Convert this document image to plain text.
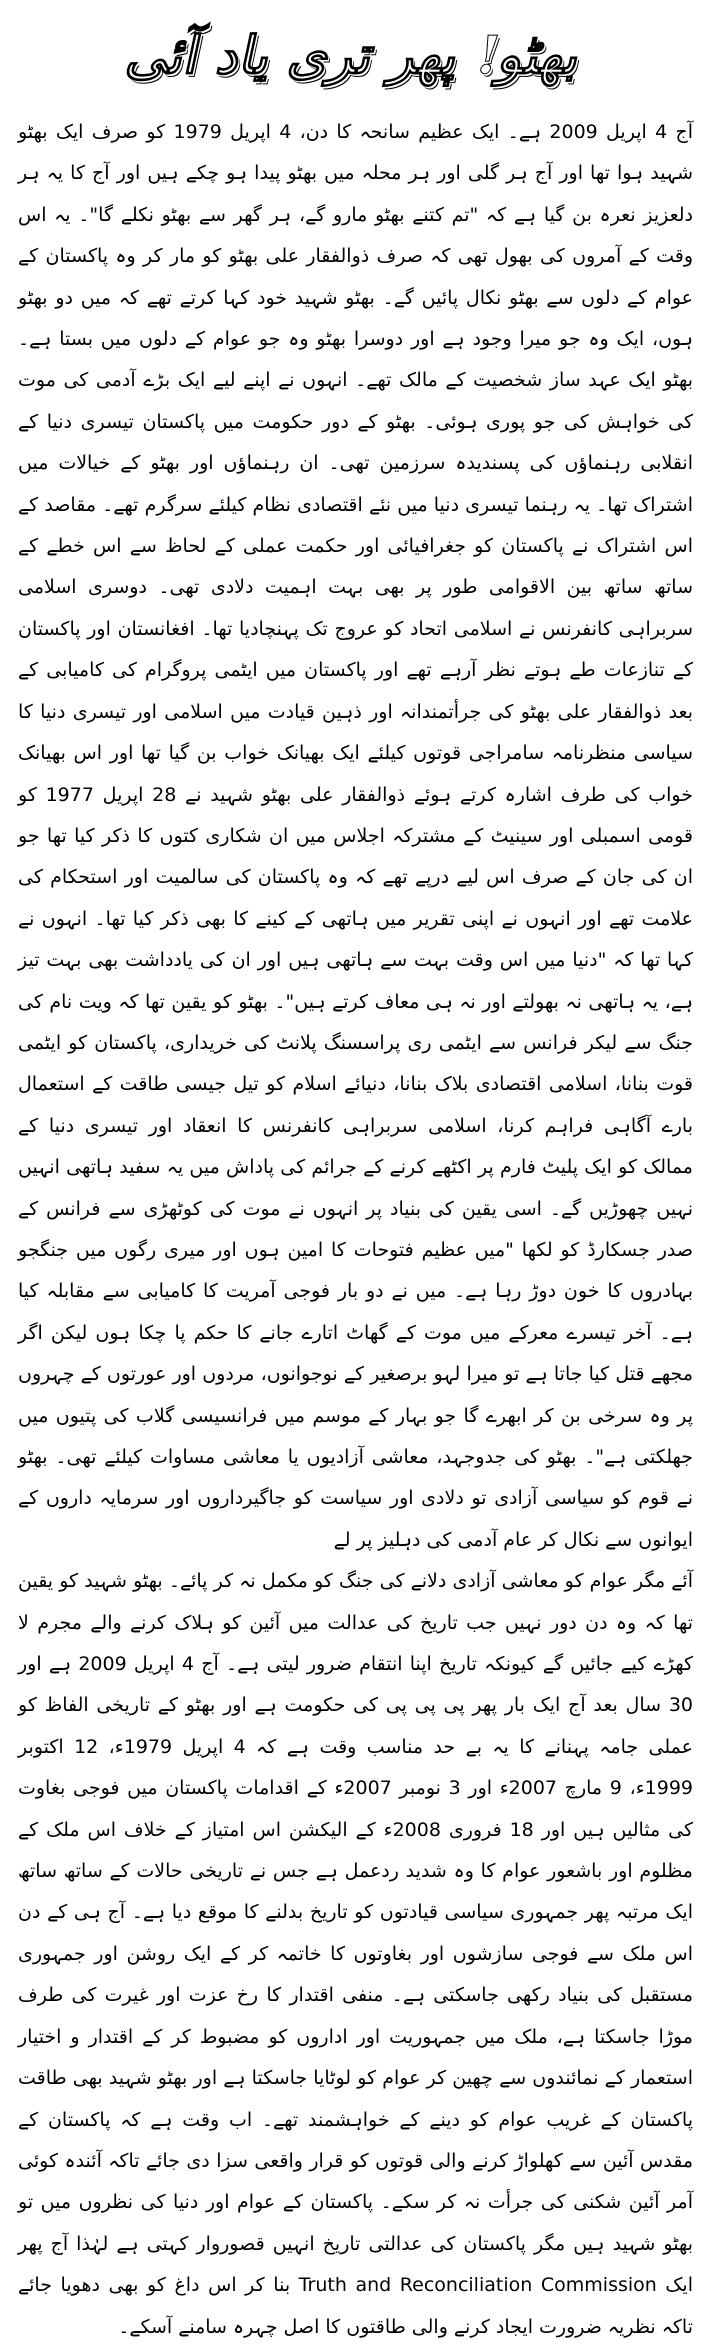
بھٹو! پھر تری یاد آئی

آج 4 اپریل 2009 ہے۔ ایک عظیم سانحہ کا دن، 4 اپریل 1979 کو صرف ایک بھٹو شہید ہوا تھا اور آج ہر گلی اور ہر محلہ میں بھٹو پیدا ہو چکے ہیں اور آج کا یہ ہر دلعزیز نعرہ بن گیا ہے کہ "تم کتنے بھٹو مارو گے، ہر گھر سے بھٹو نکلے گا"۔ یہ اس وقت کے آمروں کی بھول تھی کہ صرف ذوالفقار علی بھٹو کو مار کر وہ پاکستان کے عوام کے دلوں سے بھٹو نکال پائیں گے۔ بھٹو شہید خود کہا کرتے تھے کہ میں دو بھٹو ہوں، ایک وہ جو میرا وجود ہے اور دوسرا بھٹو وہ جو عوام کے دلوں میں بستا ہے۔ بھٹو ایک عہد ساز شخصیت کے مالک تھے۔ انہوں نے اپنے لیے ایک بڑے آدمی کی موت کی خواہش کی جو پوری ہوئی۔ بھٹو کے دور حکومت میں پاکستان تیسری دنیا کے انقلابی رہنماؤں کی پسندیدہ سرزمین تھی۔ ان رہنماؤں اور بھٹو کے خیالات میں اشتراک تھا۔ یہ رہنما تیسری دنیا میں نئے اقتصادی نظام کیلئے سرگرم تھے۔ مقاصد کے اس اشتراک نے پاکستان کو جغرافیائی اور حکمت عملی کے لحاظ سے اس خطے کے ساتھ ساتھ بین الاقوامی طور پر بھی بہت اہمیت دلادی تھی۔ دوسری اسلامی سربراہی کانفرنس نے اسلامی اتحاد کو عروج تک پہنچادیا تھا۔ افغانستان اور پاکستان کے تنازعات طے ہوتے نظر آرہے تھے اور پاکستان میں ایٹمی پروگرام کی کامیابی کے بعد ذوالفقار علی بھٹو کی جرأتمندانہ اور ذہین قیادت میں اسلامی اور تیسری دنیا کا سیاسی منظرنامہ سامراجی قوتوں کیلئے ایک بھیانک خواب بن گیا تھا اور اس بھیانک خواب کی طرف اشارہ کرتے ہوئے ذوالفقار علی بھٹو شہید نے 28 اپریل 1977 کو قومی اسمبلی اور سینیٹ کے مشترکہ اجلاس میں ان شکاری کتوں کا ذکر کیا تھا جو ان کی جان کے صرف اس لیے درپے تھے کہ وہ پاکستان کی سالمیت اور استحکام کی علامت تھے اور انہوں نے اپنی تقریر میں ہاتھی کے کینے کا بھی ذکر کیا تھا۔ انہوں نے کہا تھا کہ "دنیا میں اس وقت بہت سے ہاتھی ہیں اور ان کی یادداشت بھی بہت تیز ہے، یہ ہاتھی نہ بھولتے اور نہ ہی معاف کرتے ہیں"۔ بھٹو کو یقین تھا کہ ویت نام کی جنگ سے لیکر فرانس سے ایٹمی ری پراسسنگ پلانٹ کی خریداری، پاکستان کو ایٹمی قوت بنانا، اسلامی اقتصادی بلاک بنانا، دنیائے اسلام کو تیل جیسی طاقت کے استعمال بارے آگاہی فراہم کرنا، اسلامی سربراہی کانفرنس کا انعقاد اور تیسری دنیا کے ممالک کو ایک پلیٹ فارم پر اکٹھے کرنے کے جرائم کی پاداش میں یہ سفید ہاتھی انہیں نہیں چھوڑیں گے۔ اسی یقین کی بنیاد پر انہوں نے موت کی کوٹھڑی سے فرانس کے صدر جسکارڈ کو لکھا "میں عظیم فتوحات کا امین ہوں اور میری رگوں میں جنگجو بہادروں کا خون دوڑ رہا ہے۔ میں نے دو بار فوجی آمریت کا کامیابی سے مقابلہ کیا ہے۔ آخر تیسرے معرکے میں موت کے گھاٹ اتارے جانے کا حکم پا چکا ہوں لیکن اگر مجھے قتل کیا جاتا ہے تو میرا لہو برصغیر کے نوجوانوں، مردوں اور عورتوں کے چہروں پر وہ سرخی بن کر ابھرے گا جو بہار کے موسم میں فرانسیسی گلاب کی پتیوں میں جھلکتی ہے"۔ بھٹو کی جدوجہد، معاشی آزادیوں یا معاشی مساوات کیلئے تھی۔ بھٹو نے قوم کو سیاسی آزادی تو دلادی اور سیاست کو جاگیرداروں اور سرمایہ داروں کے ایوانوں سے نکال کر عام آدمی کی دہلیز پر لے

آئے مگر عوام کو معاشی آزادی دلانے کی جنگ کو مکمل نہ کر پائے۔ بھٹو شہید کو یقین تھا کہ وہ دن دور نہیں جب تاریخ کی عدالت میں آئین کو ہلاک کرنے والے مجرم لا کھڑے کیے جائیں گے کیونکہ تاریخ اپنا انتقام ضرور لیتی ہے۔ آج 4 اپریل 2009 ہے اور 30 سال بعد آج ایک بار پھر پی پی پی کی حکومت ہے اور بھٹو کے تاریخی الفاظ کو عملی جامہ پہنانے کا یہ بے حد مناسب وقت ہے کہ 4 اپریل 1979ء، 12 اکتوبر 1999ء، 9 مارچ 2007ء اور 3 نومبر 2007ء کے اقدامات پاکستان میں فوجی بغاوت کی مثالیں ہیں اور 18 فروری 2008ء کے الیکشن اس امتیاز کے خلاف اس ملک کے مظلوم اور باشعور عوام کا وہ شدید ردعمل ہے جس نے تاریخی حالات کے ساتھ ساتھ ایک مرتبہ پھر جمہوری سیاسی قیادتوں کو تاریخ بدلنے کا موقع دیا ہے۔ آج ہی کے دن اس ملک سے فوجی سازشوں اور بغاوتوں کا خاتمہ کر کے ایک روشن اور جمہوری مستقبل کی بنیاد رکھی جاسکتی ہے۔ منفی اقتدار کا رخ عزت اور غیرت کی طرف موڑا جاسکتا ہے، ملک میں جمہوریت اور اداروں کو مضبوط کر کے اقتدار و اختیار استعمار کے نمائندوں سے چھین کر عوام کو لوٹایا جاسکتا ہے اور بھٹو شہید بھی طاقت پاکستان کے غریب عوام کو دینے کے خواہشمند تھے۔ اب وقت ہے کہ پاکستان کے مقدس آئین سے کھلواڑ کرنے والی قوتوں کو قرار واقعی سزا دی جائے تاکہ آئندہ کوئی آمر آئین شکنی کی جرأت نہ کر سکے۔ پاکستان کے عوام اور دنیا کی نظروں میں تو بھٹو شہید ہیں مگر پاکستان کی عدالتی تاریخ انہیں قصوروار کہتی ہے لہٰذا آج پھر ایک Truth and Reconciliation Commission بنا کر اس داغ کو بھی دھویا جائے تاکہ نظریہ ضرورت ایجاد کرنے والی طاقتوں کا اصل چہرہ سامنے آسکے۔
